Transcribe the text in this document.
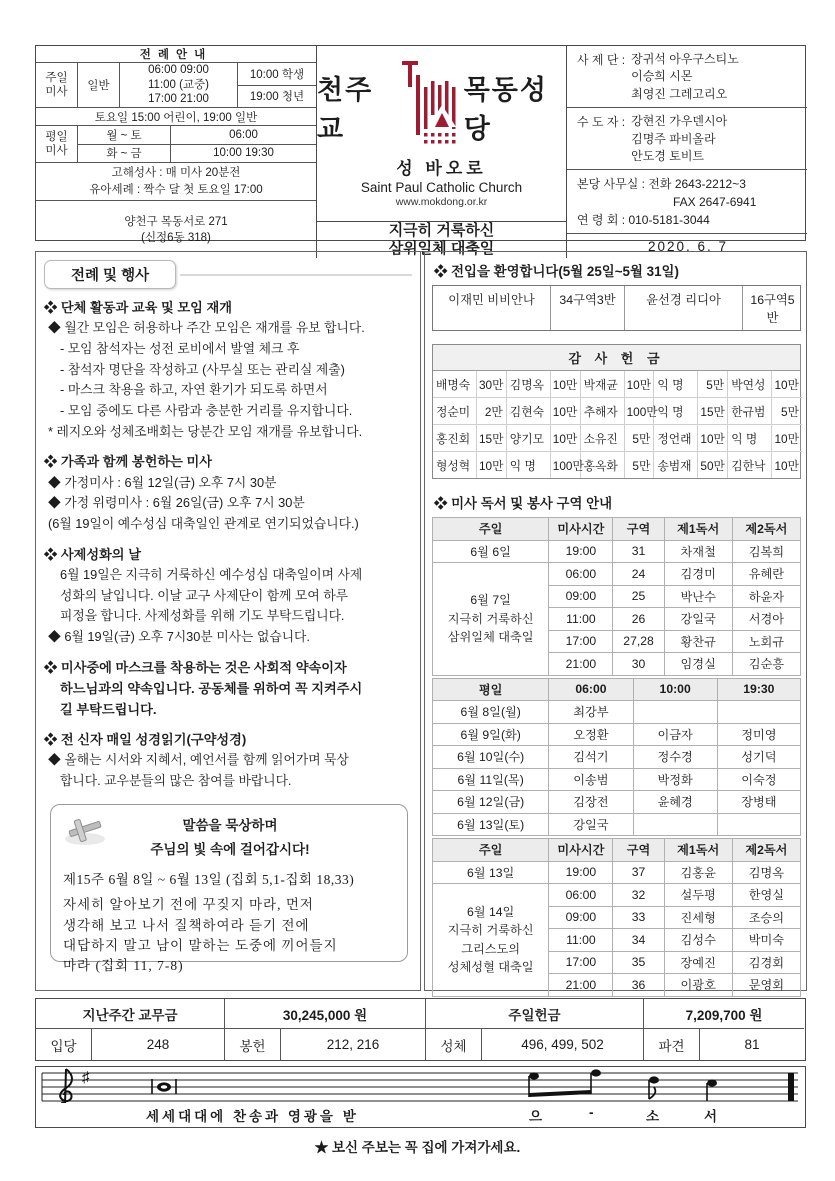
전례안내
주일
미사	일반
06:00 09:00
11:00 (교중)
17:00 21:00
10:00 학생
19:00 청년
토요일 15:00 어린이, 19:00 일반
평일
미사
월 ~ 토	06:00
화 ~ 금	10:00 19:30
고해성사 : 매 미사 20분전
유아세례 : 짝수 달 첫 토요일 17:00
양천구 목동서로 271
(신정6동 318)
천주교
목동성당
성 바오로
Saint Paul Catholic Church
www.mokdong.or.kr
지극히 거룩하신
삼위일체 대축일
사 제 단 : 장귀석 아우구스티노
이승희 시몬
최영진 그레고리오
수 도 자 : 강현진 가우덴시아
김명주 파비올라
안도경 토비트
본당 사무실 : 전화 2643-2212~3
FAX 2647-6941
연 령 회 : 010-5181-3044
2020. 6. 7
전례 및 행사
❖ 단체 활동과 교육 및 모임 재개
◆ 월간 모임은 허용하나 주간 모임은 재개를 유보 합니다.
- 모임 참석자는 성전 로비에서 발열 체크 후
- 참석자 명단을 작성하고 (사무실 또는 관리실 제출)
- 마스크 착용을 하고, 자연 환기가 되도록 하면서
- 모임 중에도 다른 사람과 충분한 거리를 유지합니다.
* 레지오와 성체조배회는 당분간 모임 재개를 유보합니다.
❖ 가족과 함께 봉헌하는 미사
◆ 가정미사 : 6월 12일(금) 오후 7시 30분
◆ 가정 위령미사 : 6월 26일(금) 오후 7시 30분
(6월 19일이 예수성심 대축일인 관계로 연기되었습니다.)
❖ 사제성화의 날
6월 19일은 지극히 거룩하신 예수성심 대축일이며 사제
성화의 날입니다. 이날 교구 사제단이 함께 모여 하루
피정을 합니다. 사제성화를 위해 기도 부탁드립니다.
◆ 6월 19일(금) 오후 7시30분 미사는 없습니다.
❖ 미사중에 마스크를 착용하는 것은 사회적 약속이자
하느님과의 약속입니다. 공동체를 위하여 꼭 지켜주시
길 부탁드립니다.
❖ 전 신자 매일 성경읽기(구약성경)
◆ 올해는 시서와 지혜서, 예언서를 함께 읽어가며 묵상
합니다. 교우분들의 많은 참여를 바랍니다.
말씀을 묵상하며
주님의 빛 속에 걸어갑시다!
제15주 6월 8일 ~ 6월 13일 (집회 5,1-집회 18,33)
자세히 알아보기 전에 꾸짖지 마라, 먼저
생각해 보고 나서 질책하여라 듣기 전에
대답하지 말고 남이 말하는 도중에 끼어들지
마라 (집회 11, 7-8)
❖ 전입을 환영합니다(5월 25일~5월 31일)
이재민 비비안나	34구역3반	윤선경 리디아	16구역5반
감 사 헌 금
배명숙 30만 김명옥 10만 박재균 10만 익 명	5만 박연성 10만
정순미	2만 김현숙 10만 추해자 100만 익 명	15만 한규범	5만
홍진회 15만 양기모 10만 소유진	5만 정언래 10만 익 명	10만
형성혁 10만 익 명	100만 홍옥화	5만 송범재 50만 김한낙 10만
❖ 미사 독서 및 봉사 구역 안내
주일	미사시간	구역	제1독서	제2독서
6월 6일	19:00	31	차재철	김복희

6월 7일
지극히 거룩하신
삼위일체 대축일	06:00	24	김경미	유혜란
	09:00	25	박난수	하윤자
	11:00	26	강일국	서경아
	17:00	27,28	황찬규	노회규
	21:00	30	임경실	김순흥
평일	06:00	10:00	19:30
6월 8일(월)	최강부		
6월 9일(화)	오정환	이금자	정미영
6월 10일(수)	김석기	정수경	성기덕
6월 11일(목)	이송범	박정화	이숙정
6월 12일(금)	김장전	윤혜경	장병태
6월 13일(토)	강일국		
주일	미사시간	구역	제1독서	제2독서
6월 13일	19:00	37	김홍윤	김명옥

6월 14일
지극히 거룩하신
그리스도의
성체성혈 대축일	06:00	32	설두평	한영실
	09:00	33	진세형	조승의
	11:00	34	김성수	박미숙
	17:00	35	장예진	김경회
	21:00	36	이광호	문영회
지난주간 교무금	30,245,000 원	주일헌금	7,209,700 원
입당	248	봉헌	212, 216	성체	496, 499, 502	파견	81
♯
세세대대에 찬송과 영광을 받	으	-	소	서
★ 보신 주보는 꼭 집에 가져가세요.
